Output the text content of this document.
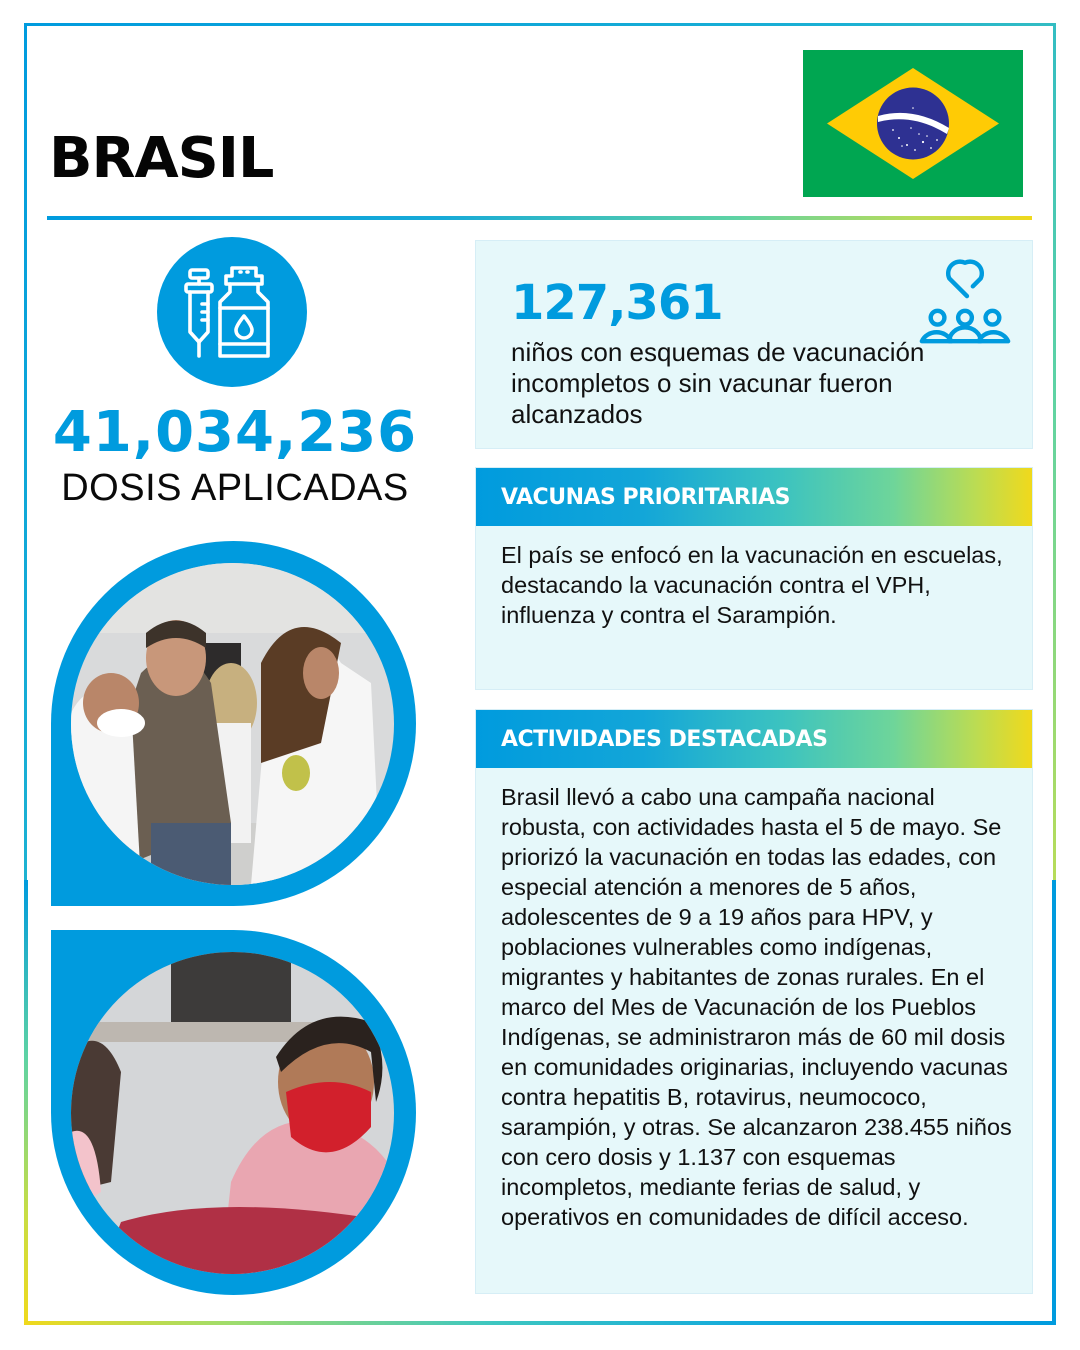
BRASIL
41,034,236
DOSIS APLICADAS
127,361
niños con esquemas de vacunación incompletos o sin vacunar fueron alcanzados
VACUNAS PRIORITARIAS
El país se enfocó en la vacunación en escuelas, destacando la vacunación contra el VPH, influenza y contra el Sarampión.
ACTIVIDADES DESTACADAS
Brasil llevó a cabo una campaña nacional robusta, con actividades hasta el 5 de mayo. Se priorizó la vacunación en todas las edades, con especial atención a menores de 5 años, adolescentes de 9 a 19 años para HPV, y poblaciones vulnerables como indígenas, migrantes y habitantes de zonas rurales. En el marco del Mes de Vacunación de los Pueblos Indígenas, se administraron más de 60 mil dosis en comunidades originarias, incluyendo vacunas contra hepatitis B, rotavirus, neumococo, sarampión, y otras. Se alcanzaron 238.455 niños con cero dosis y 1.137 con esquemas incompletos, mediante ferias de salud, y operativos en comunidades de difícil acceso.
